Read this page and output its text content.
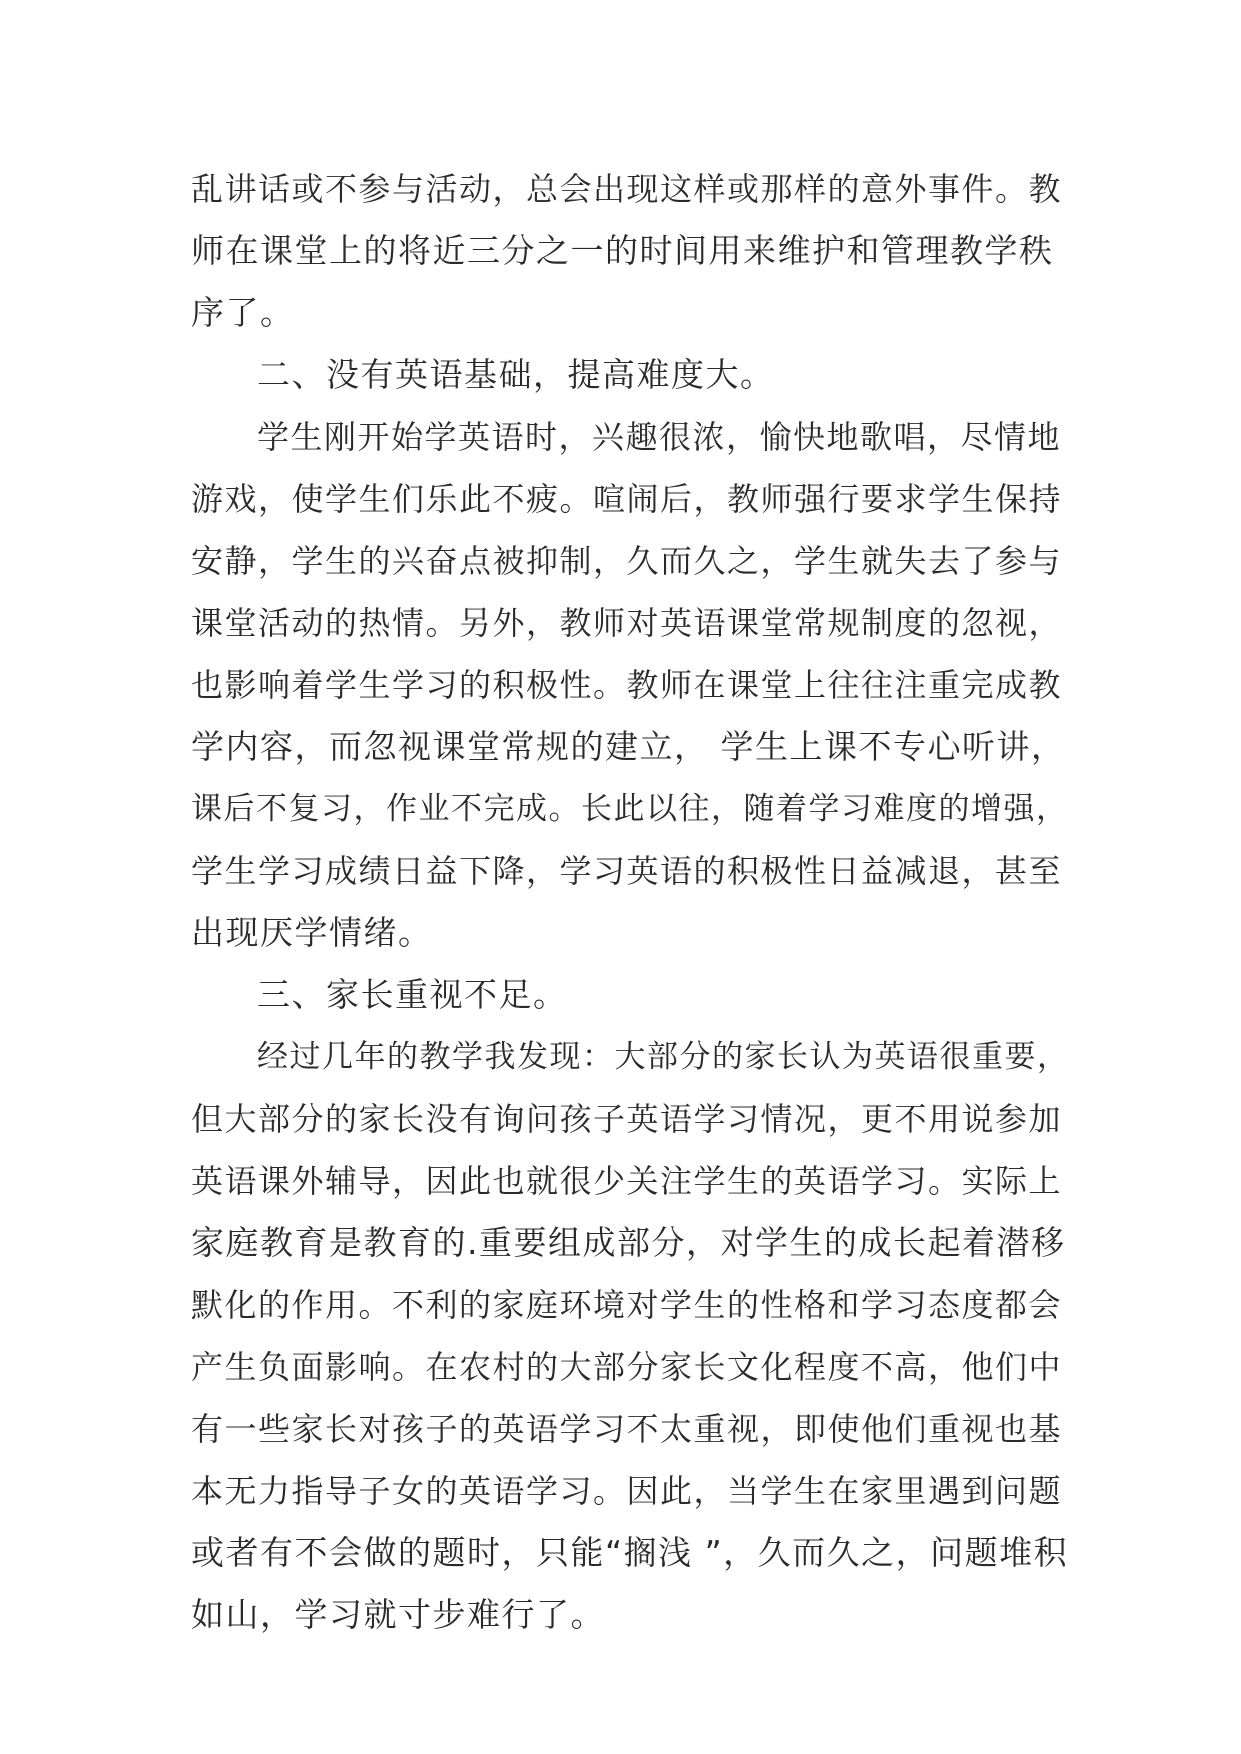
乱讲话或不参与活动，总会出现这样或那样的意外事件。教
师在课堂上的将近三分之一的时间用来维护和管理教学秩
序了。
二、没有英语基础，提高难度大。
学生刚开始学英语时，兴趣很浓，愉快地歌唱，尽情地
游戏，使学生们乐此不疲。喧闹后，教师强行要求学生保持
安静，学生的兴奋点被抑制，久而久之，学生就失去了参与
课堂活动的热情。另外，教师对英语课堂常规制度的忽视，
也影响着学生学习的积极性。教师在课堂上往往注重完成教
学内容，而忽视课堂常规的建立， 学生上课不专心听讲，
课后不复习，作业不完成。长此以往，随着学习难度的增强，
学生学习成绩日益下降，学习英语的积极性日益减退，甚至
出现厌学情绪。
三、家长重视不足。
经过几年的教学我发现：大部分的家长认为英语很重要，
但大部分的家长没有询问孩子英语学习情况，更不用说参加
英语课外辅导，因此也就很少关注学生的英语学习。实际上
家庭教育是教育的.重要组成部分，对学生的成长起着潜移
默化的作用。不利的家庭环境对学生的性格和学习态度都会
产生负面影响。在农村的大部分家长文化程度不高，他们中
有一些家长对孩子的英语学习不太重视，即使他们重视也基
本无力指导子女的英语学习。因此，当学生在家里遇到问题
或者有不会做的题时，只能“搁浅 ”，久而久之，问题堆积
如山，学习就寸步难行了。
